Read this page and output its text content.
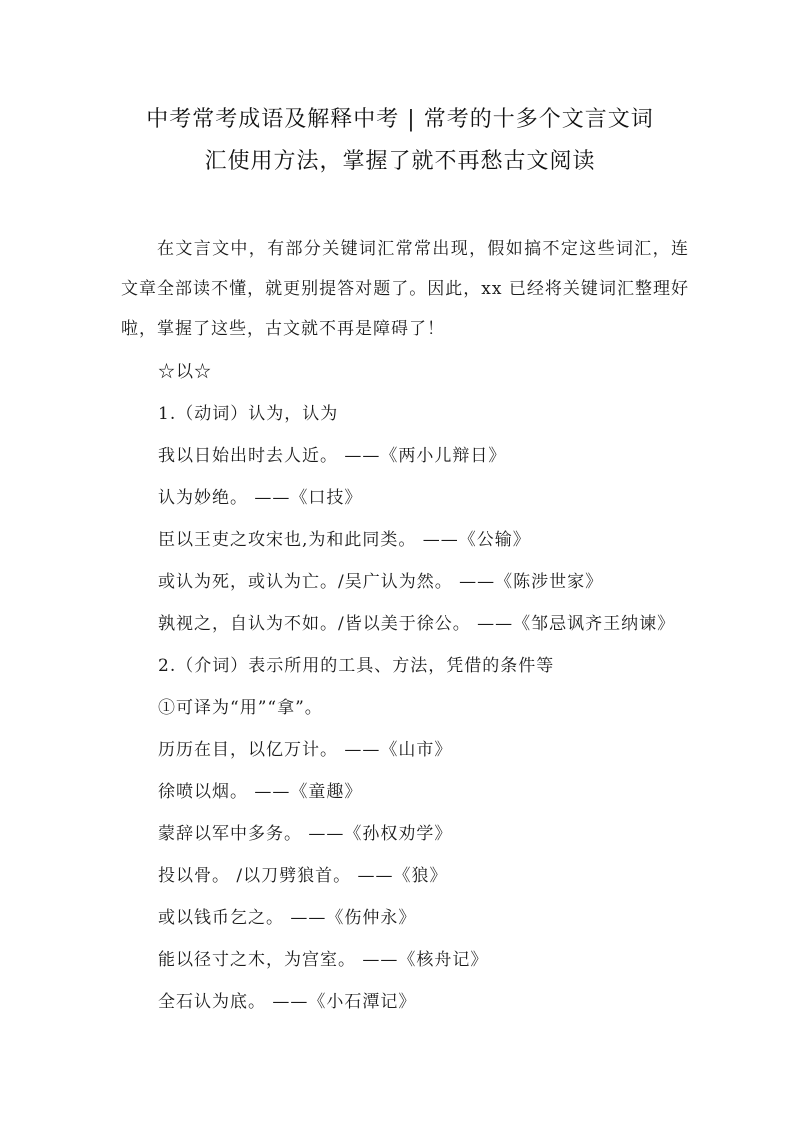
中考常考成语及解释中考 | 常考的十多个文言文词
汇使用方法，掌握了就不再愁古文阅读

在文言文中，有部分关键词汇常常出现，假如搞不定这些词汇，连文章全部读不懂，就更别提答对题了。因此，xx 已经将关键词汇整理好啦，掌握了这些，古文就不再是障碍了！

☆以☆

1.（动词）认为，认为

我以日始出时去人近。 ——《两小儿辩日》

认为妙绝。 ——《口技》

臣以王吏之攻宋也,为和此同类。 ——《公输》

或认为死，或认为亡。/吴广认为然。 ——《陈涉世家》

孰视之，自认为不如。/皆以美于徐公。 ——《邹忌讽齐王纳谏》

2.（介词）表示所用的工具、方法，凭借的条件等

①可译为“用”“拿”。

历历在目，以亿万计。 ——《山市》

徐喷以烟。 ——《童趣》

蒙辞以军中多务。 ——《孙权劝学》

投以骨。 /以刀劈狼首。 ——《狼》

或以钱币乞之。 ——《伤仲永》

能以径寸之木，为宫室。 ——《核舟记》

全石认为底。 ——《小石潭记》
